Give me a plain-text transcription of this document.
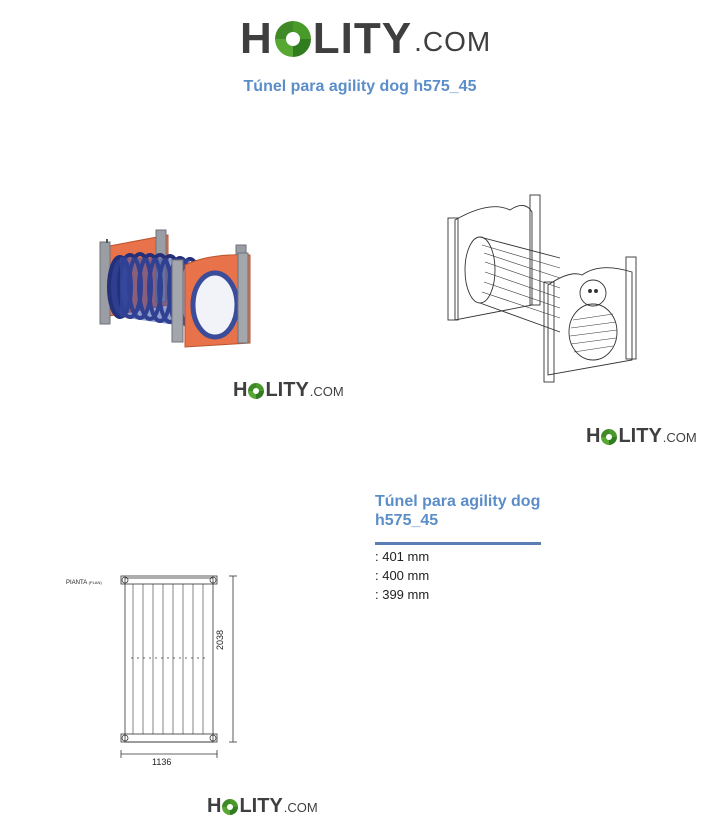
H LITY .COM
Túnel para agility dog h575_45
H LITY .COM
H LITY .COM
Túnel para agility dog h575_45
: 401 mm
: 400 mm
: 399 mm
PIANTA (PLAN)
1136
2038
H LITY .COM
